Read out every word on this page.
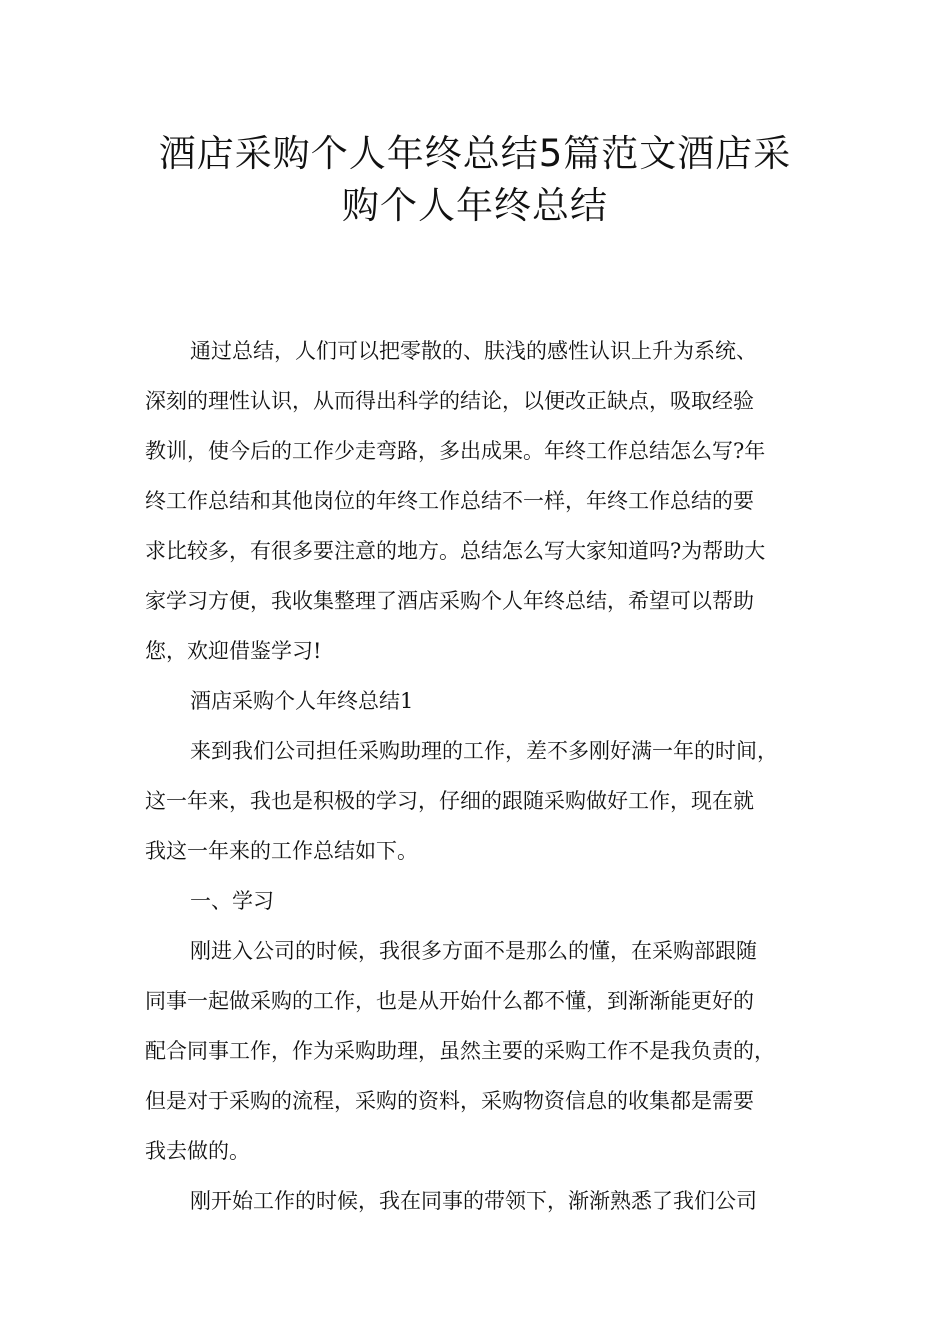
酒店采购个人年终总结5篇范文酒店采
购个人年终总结

通过总结，人们可以把零散的、肤浅的感性认识上升为系统、

深刻的理性认识，从而得出科学的结论，以便改正缺点，吸取经验

教训，使今后的工作少走弯路，多出成果。年终工作总结怎么写?年

终工作总结和其他岗位的年终工作总结不一样，年终工作总结的要

求比较多，有很多要注意的地方。总结怎么写大家知道吗?为帮助大

家学习方便，我收集整理了酒店采购个人年终总结，希望可以帮助

您，欢迎借鉴学习!

酒店采购个人年终总结1

来到我们公司担任采购助理的工作，差不多刚好满一年的时间，

这一年来，我也是积极的学习，仔细的跟随采购做好工作，现在就

我这一年来的工作总结如下。

一、学习

刚进入公司的时候，我很多方面不是那么的懂，在采购部跟随

同事一起做采购的工作，也是从开始什么都不懂，到渐渐能更好的

配合同事工作，作为采购助理，虽然主要的采购工作不是我负责的，

但是对于采购的流程，采购的资料，采购物资信息的收集都是需要

我去做的。

刚开始工作的时候，我在同事的带领下，渐渐熟悉了我们公司
